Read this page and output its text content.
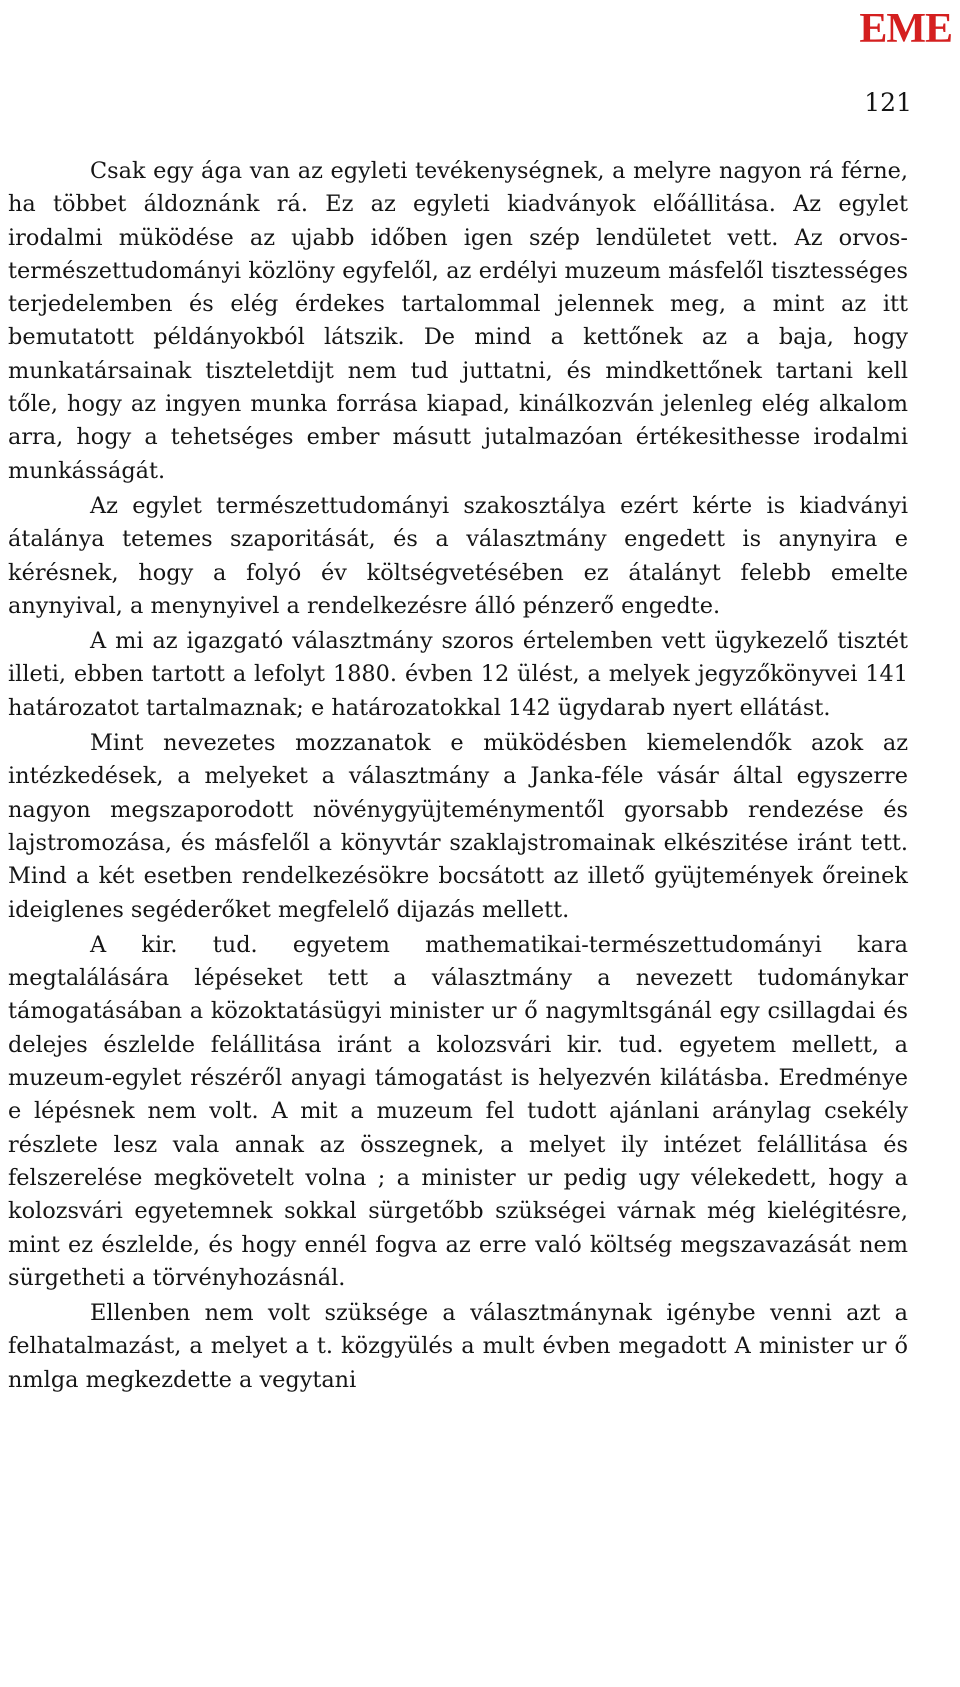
EME
121

Csak egy ága van az egyleti tevékenységnek, a melyre nagyon rá férne, ha többet áldoznánk rá. Ez az egyleti kiadványok előállitása. Az egylet irodalmi müködése az ujabb időben igen szép lendületet vett. Az orvos-természettudományi közlöny egyfelől, az erdélyi muzeum másfelől tisztességes terjedelemben és elég érdekes tartalommal jelennek meg, a mint az itt bemutatott példányokból látszik. De mind a kettőnek az a baja, hogy munkatársainak tiszteletdijt nem tud juttatni, és mindkettőnek tartani kell tőle, hogy az ingyen munka forrása kiapad, kinálkozván jelenleg elég alkalom arra, hogy a tehetséges ember másutt jutalmazóan értékesithesse irodalmi munkásságát.

Az egylet természettudományi szakosztálya ezért kérte is kiadványi átalánya tetemes szaporitását, és a választmány engedett is anynyira e kérésnek, hogy a folyó év költségvetésében ez átalányt felebb emelte anynyival, a menynyivel a rendelkezésre álló pénzerő engedte.

A mi az igazgató választmány szoros értelemben vett ügykezelő tisztét illeti, ebben tartott a lefolyt 1880. évben 12 ülést, a melyek jegyzőkönyvei 141 határozatot tartalmaznak; e határozatokkal 142 ügydarab nyert ellátást.

Mint nevezetes mozzanatok e müködésben kiemelendők azok az intézkedések, a melyeket a választmány a Janka-féle vásár által egyszerre nagyon megszaporodott növénygyüjteménymentől gyorsabb rendezése és lajstromozása, és másfelől a könyvtár szaklajstromainak elkészitése iránt tett. Mind a két esetben rendelkezésökre bocsátott az illető gyüjtemények őreinek ideiglenes segéderőket megfelelő dijazás mellett.

A kir. tud. egyetem mathematikai-természettudományi kara megtalálására lépéseket tett a választmány a nevezett tudománykar támogatásában a közoktatásügyi minister ur ő nagymltsgánál egy csillagdai és delejes észlelde felállitása iránt a kolozsvári kir. tud. egyetem mellett, a muzeum-egylet részéről anyagi támogatást is helyezvén kilátásba. Eredménye e lépésnek nem volt. A mit a muzeum fel tudott ajánlani aránylag csekély részlete lesz vala annak az összegnek, a melyet ily intézet felállitása és felszerelése megkövetelt volna ; a minister ur pedig ugy vélekedett, hogy a kolozsvári egyetemnek sokkal sürgetőbb szükségei várnak még kielégitésre, mint ez észlelde, és hogy ennél fogva az erre való költség megszavazását nem sürgetheti a törvényhozásnál.

Ellenben nem volt szüksége a választmánynak igénybe venni azt a felhatalmazást, a melyet a t. közgyülés a mult évben megadott A minister ur ő nmlga megkezdette a vegytani
